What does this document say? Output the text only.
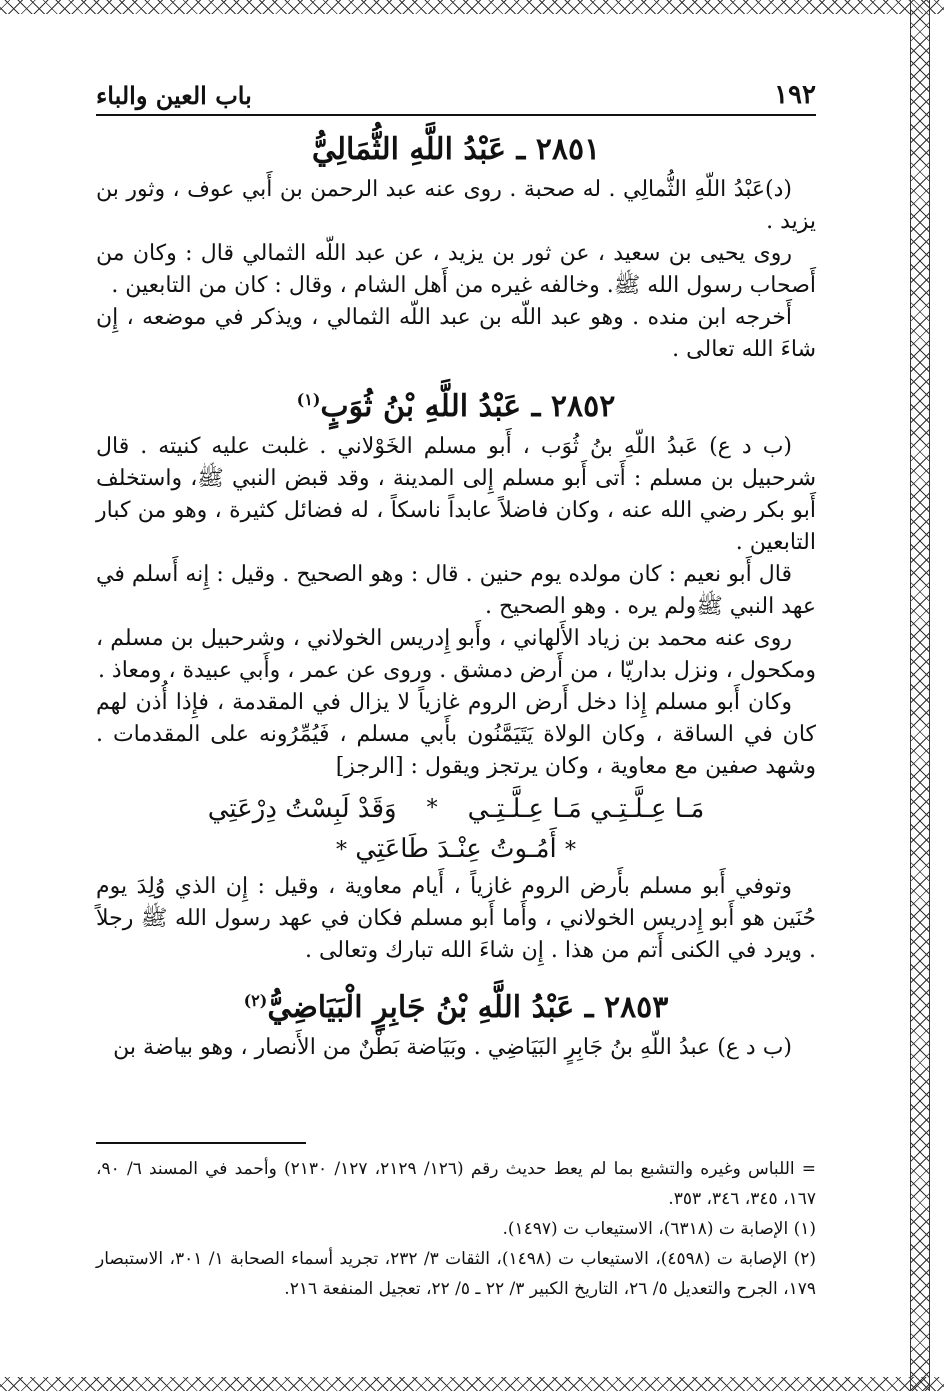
١٩٢
باب العين والباء
٢٨٥١ ـ عَبْدُ اللَّهِ الثُّمَالِيُّ

(د)عَبْدُ اللّهِ الثُّمالِي . له صحبة . روى عنه عبد الرحمن بن أَبي عوف ، وثور بن يزيد .

روى يحيى بن سعيد ، عن ثور بن يزيد ، عن عبد اللّه الثمالي قال : وكان من أَصحاب رسول الله ﷺ. وخالفه غيره من أَهل الشام ، وقال : كان من التابعين .

أَخرجه ابن منده . وهو عبد اللّه بن عبد اللّه الثمالي ، ويذكر في موضعه ، إِن شاءَ الله تعالى .

٢٨٥٢ ـ عَبْدُ اللَّهِ بْنُ ثُوَبٍ$^{(١)}$

(ب د ع) عَبدُ اللّهِ بنُ ثُوَب ، أَبو مسلم الخَوْلاني . غلبت عليه كنيته . قال شرحبيل بن مسلم : أَتى أَبو مسلم إِلى المدينة ، وقد قبض النبي ﷺ، واستخلف أَبو بكر رضي الله عنه ، وكان فاضلاً عابداً ناسكاً ، له فضائل كثيرة ، وهو من كبار التابعين .

قال أَبو نعيم : كان مولده يوم حنين . قال : وهو الصحيح . وقيل : إِنه أَسلم في عهد النبي ﷺولم يره . وهو الصحيح .

روى عنه محمد بن زياد الأَلهاني ، وأَبو إِدريس الخولاني ، وشرحبيل بن مسلم ، ومكحول ، ونزل بداريّا ، من أَرض دمشق . وروى عن عمر ، وأَبي عبيدة ، ومعاذ .

وكان أَبو مسلم إِذا دخل أَرض الروم غازياً لا يزال في المقدمة ، فإِذا أُذن لهم كان في الساقة ، وكان الولاة يَتَيَمَّنُون بأَبي مسلم ، فَيُمِّرُونه على المقدمات . وشهد صفين مع معاوية ، وكان يرتجز ويقول : [الرجز]

مَـا عِـلَّـتِـي مَـا عِـلَّـتِـي
*
وَقَدْ لَبِسْتُ دِرْعَتِي
* أَمُـوتُ عِنْـدَ طَاعَتِي *

وتوفي أَبو مسلم بأَرض الروم غازياً ، أَيام معاوية ، وقيل : إِن الذي وُلِدَ يوم حُنَين هو أَبو إِدريس الخولاني ، وأَما أَبو مسلم فكان في عهد رسول الله ﷺ رجلاً . ويرد في الكنى أَتم من هذا . إِن شاءَ الله تبارك وتعالى .

٢٨٥٣ ـ عَبْدُ اللَّهِ بْنُ جَابِرٍ الْبَيَاضِيُّ$^{(٢)}$

(ب د ع) عبدُ اللّهِ بنُ جَابِرٍ البَيَاضِي . وبَيَاضة بَطْنٌ من الأَنصار ، وهو بياضة بن

= اللباس وغيره والتشبع بما لم يعط حديث رقم (١٢٦/ ٢١٢٩، ١٢٧/ ٢١٣٠) وأحمد في المسند ٦/ ٩٠، ١٦٧، ٣٤٥، ٣٤٦، ٣٥٣.

(١) الإصابة ت (٦٣١٨)، الاستيعاب ت (١٤٩٧).

(٢) الإصابة ت (٤٥٩٨)، الاستيعاب ت (١٤٩٨)، الثقات ٣/ ٢٣٢، تجريد أسماء الصحابة ١/ ٣٠١، الاستبصار ١٧٩، الجرح والتعديل ٥/ ٢٦، التاريخ الكبير ٣/ ٢٢ ـ ٥/ ٢٢، تعجيل المنفعة ٢١٦.
